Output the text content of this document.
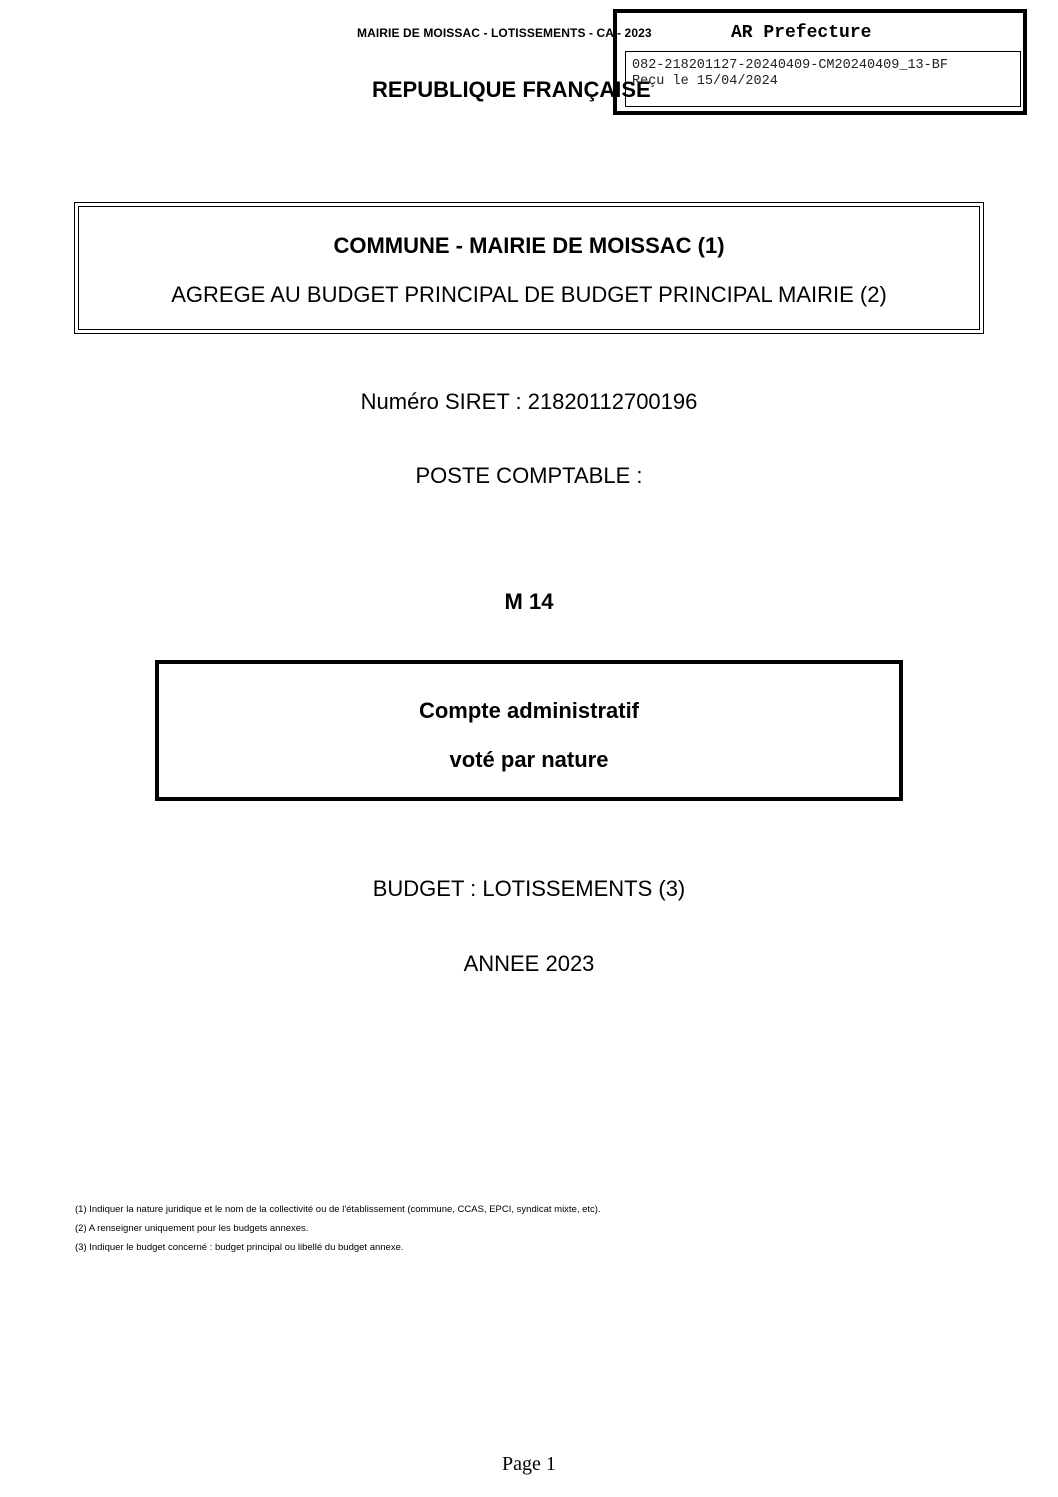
MAIRIE DE MOISSAC - LOTISSEMENTS - CA - 2023
REPUBLIQUE FRANÇAISE
AR Prefecture
082-218201127-20240409-CM20240409_13-BF
Reçu le 15/04/2024
COMMUNE - MAIRIE DE MOISSAC (1)
AGREGE AU BUDGET PRINCIPAL DE BUDGET PRINCIPAL MAIRIE (2)
Numéro SIRET : 21820112700196
POSTE COMPTABLE :
M 14
Compte administratif
voté par nature
BUDGET : LOTISSEMENTS (3)
ANNEE 2023
(1) Indiquer la nature juridique et le nom de la collectivité ou de l'établissement (commune, CCAS, EPCI, syndicat mixte, etc).
(2) A renseigner uniquement pour les budgets annexes.
(3) Indiquer le budget concerné : budget principal ou libellé du budget annexe.
Page 1
